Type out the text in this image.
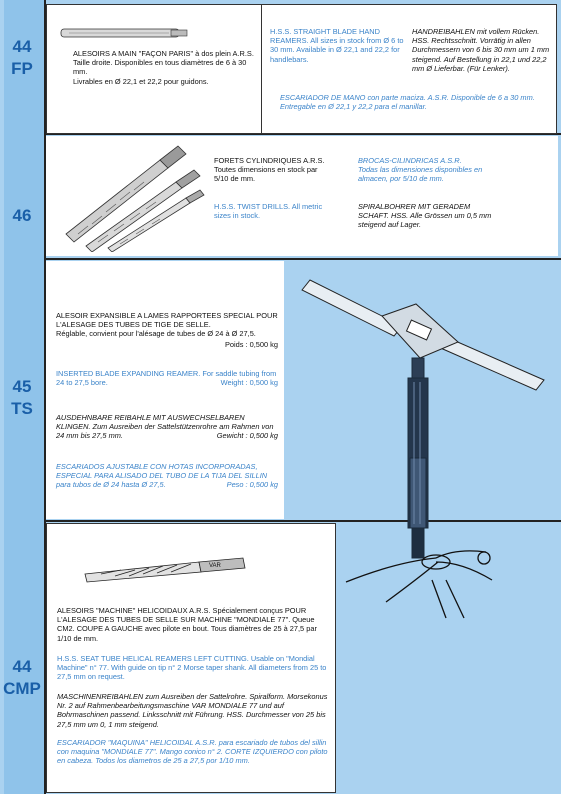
44
FP
ALESOIRS A MAIN "FAÇON PARIS" à dos plein A.R.S. Taille droite. Disponibles en tous diamètres de 6 à 30 mm.
Livrables en Ø 22,1 et 22,2 pour guidons.
H.S.S. STRAIGHT BLADE HAND REAMERS. All sizes in stock from Ø 6 to 30 mm. Available in Ø 22,1 and 22,2 for handlebars.
HANDREIBAHLEN mit vollem Rücken. HSS. Rechtsschnitt. Vorrätig in allen Durchmessern von 6 bis 30 mm um 1 mm steigend. Auf Bestellung in 22,1 und 22,2 mm Ø Lieferbar. (Für Lenker).
ESCARIADOR DE MANO con parte maciza. A.S.R. Disponible de 6 a 30 mm. Entregable en Ø 22,1 y 22,2 para el manillar.
46
FORETS CYLINDRIQUES A.R.S.
Toutes dimensions en stock par 5/10 de mm.
H.S.S. TWIST DRILLS. All metric sizes in stock.
BROCAS-CILINDRICAS A.S.R.
Todas las dimensiones disponibles en almacen, por 5/10 de mm.
SPIRALBOHRER MIT GERADEM SCHAFT. HSS. Alle Grössen um 0,5 mm steigend auf Lager.
45
TS
ALESOIR EXPANSIBLE A LAMES RAPPORTEES SPECIAL POUR L'ALESAGE DES TUBES DE TIGE DE SELLE.
Réglable, convient pour l'alésage de tubes de Ø 24 à Ø 27,5.
Poids : 0,500 kg
INSERTED BLADE EXPANDING REAMER. For saddle tubing from 24 to 27,5 bore.	Weight : 0,500 kg
AUSDEHNBARE REIBAHLE MIT AUSWECHSELBAREN KLINGEN. Zum Ausreiben der Sattelstützenrohre am Rahmen von 24 mm bis 27,5 mm.	Gewicht : 0,500 kg
ESCARIADOS AJUSTABLE CON HOTAS INCORPORADAS, ESPECIAL PARA ALISADO DEL TUBO DE LA TIJA DEL SILLIN para tubos de Ø 24 hasta Ø 27,5.	Peso : 0,500 kg
44
CMP
VAR
ALESOIRS "MACHINE" HELICOIDAUX A.R.S. Spécialement conçus POUR L'ALESAGE DES TUBES DE SELLE SUR MACHINE "MONDIALE 77". Queue CM2. COUPE A GAUCHE avec pilote en bout. Tous diamètres de 25 à 27,5 par 1/10 de mm.
H.S.S. SEAT TUBE HELICAL REAMERS LEFT CUTTING. Usable on "Mondial Machine" n° 77. With guide on tip n° 2 Morse taper shank. All diameters from 25 to 27,5 mm on request.
MASCHINENREIBAHLEN zum Ausreiben der Sattelrohre. Spiralform. Morsekonus Nr. 2 auf Rahmenbearbeitungsmaschine VAR MONDIALE 77 und auf Bohrmaschinen passend. Linksschnitt mit Führung. HSS. Durchmesser von 25 bis 27,5 mm um 0, 1 mm steigend.
ESCARIADOR "MAQUINA" HELICOIDAL A.S.R. para escariado de tubos del sillin con maquina "MONDIALE 77". Mango conico n° 2. CORTE IZQUIERDO con piloto en cabeza. Todos los diametros de 25 a 27,5 por 1/10 mm.
